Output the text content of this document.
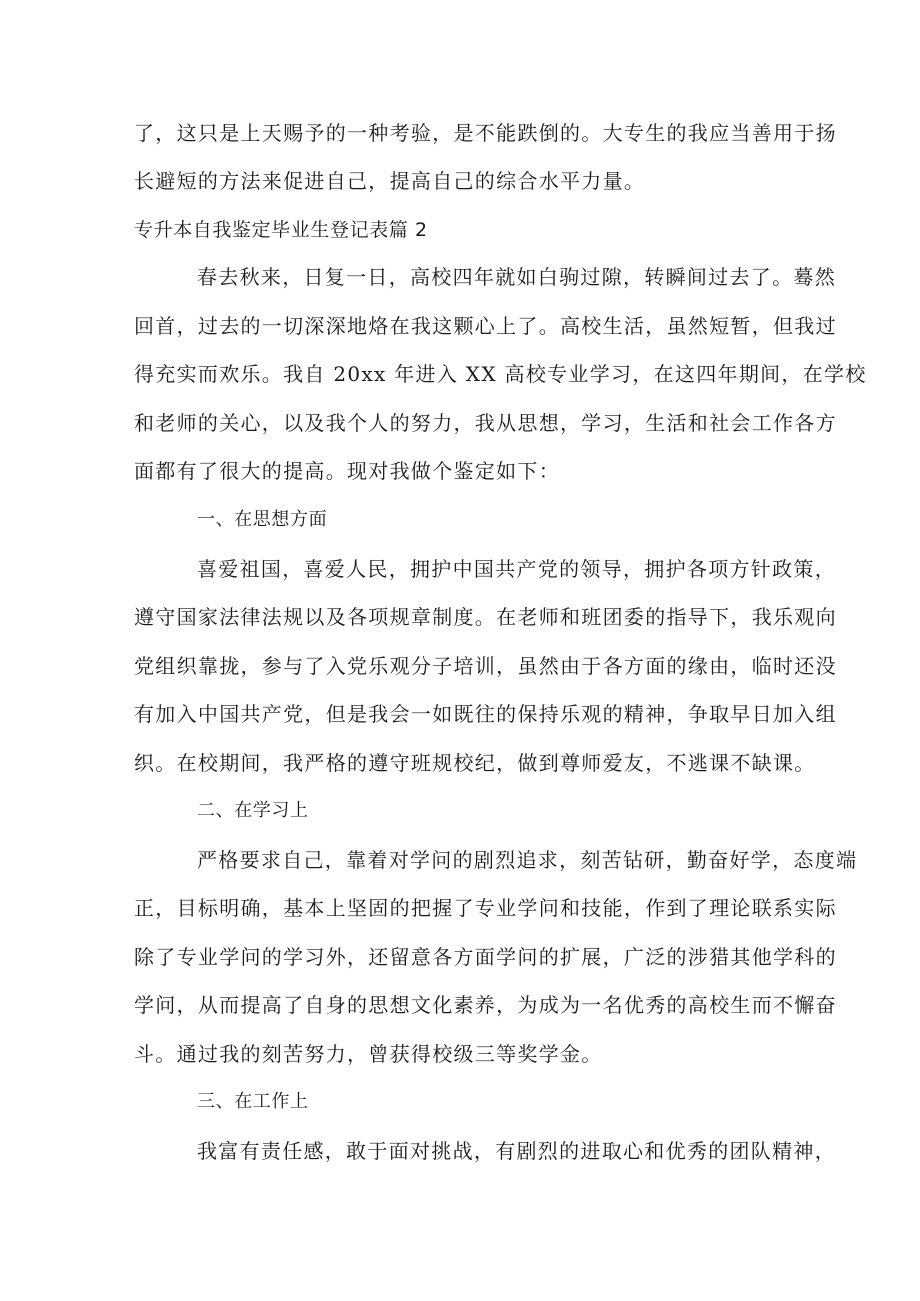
了，这只是上天赐予的一种考验，是不能跌倒的。大专生的我应当善用于扬
长避短的方法来促进自己，提高自己的综合水平力量。
专升本自我鉴定毕业生登记表篇 2
春去秋来，日复一日，高校四年就如白驹过隙，转瞬间过去了。蓦然
回首，过去的一切深深地烙在我这颗心上了。高校生活，虽然短暂，但我过
得充实而欢乐。我自 20xx 年进入 XX 高校专业学习，在这四年期间，在学校
和老师的关心，以及我个人的努力，我从思想，学习，生活和社会工作各方
面都有了很大的提高。现对我做个鉴定如下：
一、在思想方面
喜爱祖国，喜爱人民，拥护中国共产党的领导，拥护各项方针政策，
遵守国家法律法规以及各项规章制度。在老师和班团委的指导下，我乐观向
党组织靠拢，参与了入党乐观分子培训，虽然由于各方面的缘由，临时还没
有加入中国共产党，但是我会一如既往的保持乐观的精神，争取早日加入组
织。在校期间，我严格的遵守班规校纪，做到尊师爱友，不逃课不缺课。
二、在学习上
严格要求自己，靠着对学问的剧烈追求，刻苦钻研，勤奋好学，态度端
正，目标明确，基本上坚固的把握了专业学问和技能，作到了理论联系实际
除了专业学问的学习外，还留意各方面学问的扩展，广泛的涉猎其他学科的
学问，从而提高了自身的思想文化素养，为成为一名优秀的高校生而不懈奋
斗。通过我的刻苦努力，曾获得校级三等奖学金。
三、在工作上
我富有责任感，敢于面对挑战，有剧烈的进取心和优秀的团队精神，
